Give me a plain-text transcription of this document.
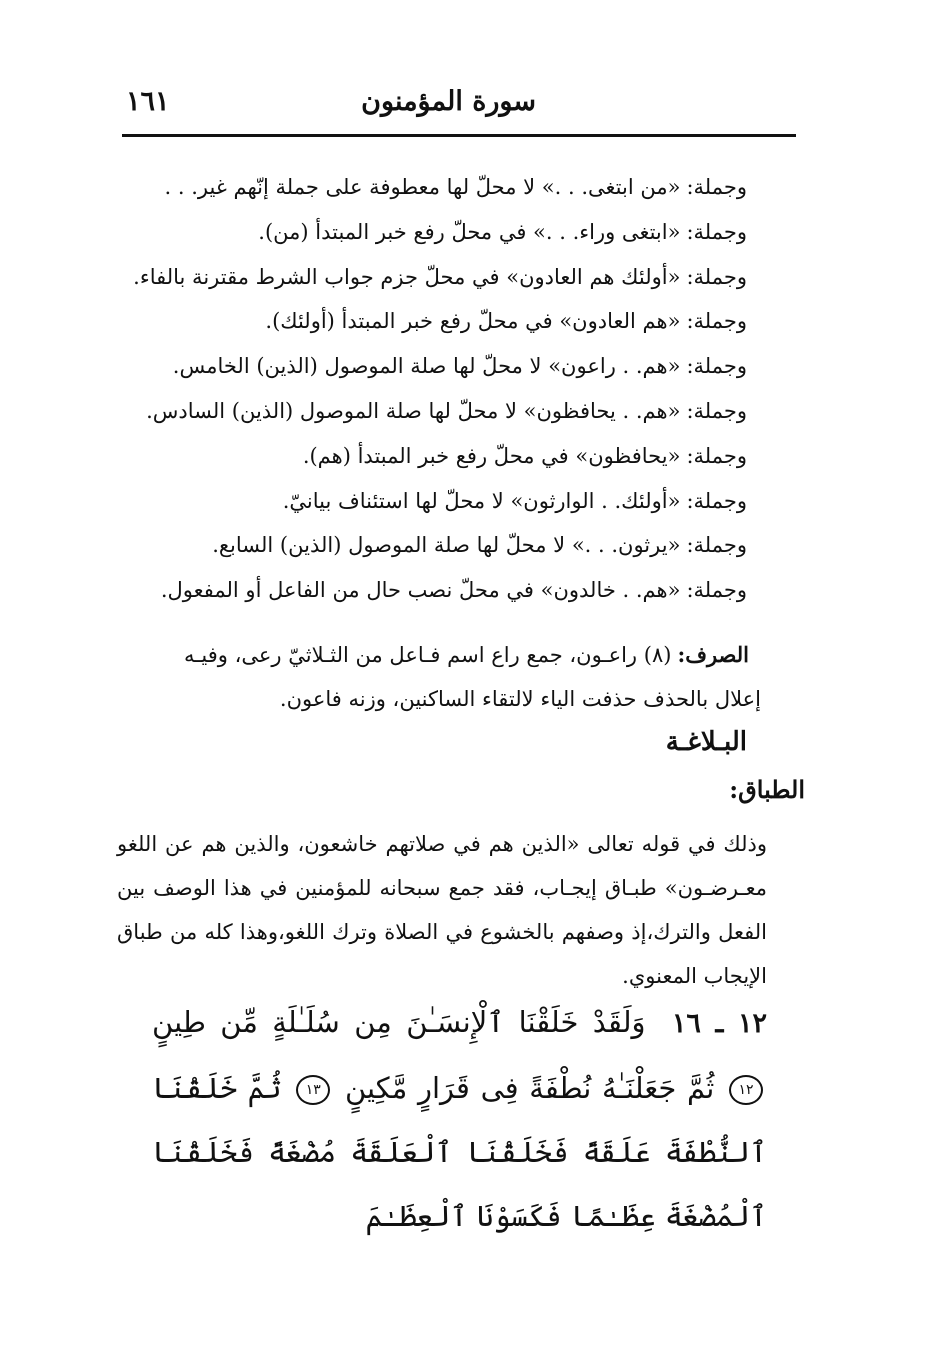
سورة المؤمنون
١٦١
وجملة:«من ابتغى. . .» لا محلّ لها معطوفة على جملة إنّهم غير. . .
وجملة:«ابتغى وراء. . .» في محلّ رفع خبر المبتدأ (من).
وجملة:«أولئك هم العادون» في محلّ جزم جواب الشرط مقترنة بالفاء.
وجملة:«هم العادون» في محلّ رفع خبر المبتدأ (أولئك).
وجملة:«هم. . راعون» لا محلّ لها صلة الموصول (الذين) الخامس.
وجملة:«هم. . يحافظون» لا محلّ لها صلة الموصول (الذين) السادس.
وجملة:«يحافظون» في محلّ رفع خبر المبتدأ (هم).
وجملة:«أولئك. . الوارثون» لا محلّ لها استئناف بيانيّ.
وجملة:«يرثون. . .» لا محلّ لها صلة الموصول (الذين) السابع.
وجملة:«هم. . خالدون» في محلّ نصب حال من الفاعل أو المفعول.
الصرف:(٨) راعـون، جمع راع اسم فـاعل من الثـلاثيّ رعى، وفيـه
إعلال بالحذف حذفت الياء لالتقاء الساكنين، وزنه فاعون.
البـلاغـة
الطباق:
وذلك في قوله تعالى «الذين هم في صلاتهم خاشعون، والذين هم عن اللغو معـرضـون» طبـاق إيجـاب، فقد جمع سبحانه للمؤمنين في هذا الوصف بين الفعل والترك،إذ وصفهم بالخشوع في الصلاة وترك اللغو،وهذا كله من طباق الإيجاب المعنوي.
١٢ ـ ١٦ وَلَقَدْ خَلَقْنَا ٱلْإِنسَـٰنَ مِن سُلَـٰلَةٍ مِّن طِينٍ ١٢ ثُمَّ جَعَلْنَـٰهُ نُطْفَةً فِى قَرَارٍ مَّكِينٍ ١٣ ثُمَّ خَلَقْنَا ٱلنُّطْفَةَ عَلَقَةً فَخَلَقْنَا ٱلْعَلَقَةَ مُضْغَةً فَخَلَقْنَا ٱلْمُضْغَةَ عِظَـٰمًا فَكَسَوْنَا ٱلْعِظَـٰمَ
